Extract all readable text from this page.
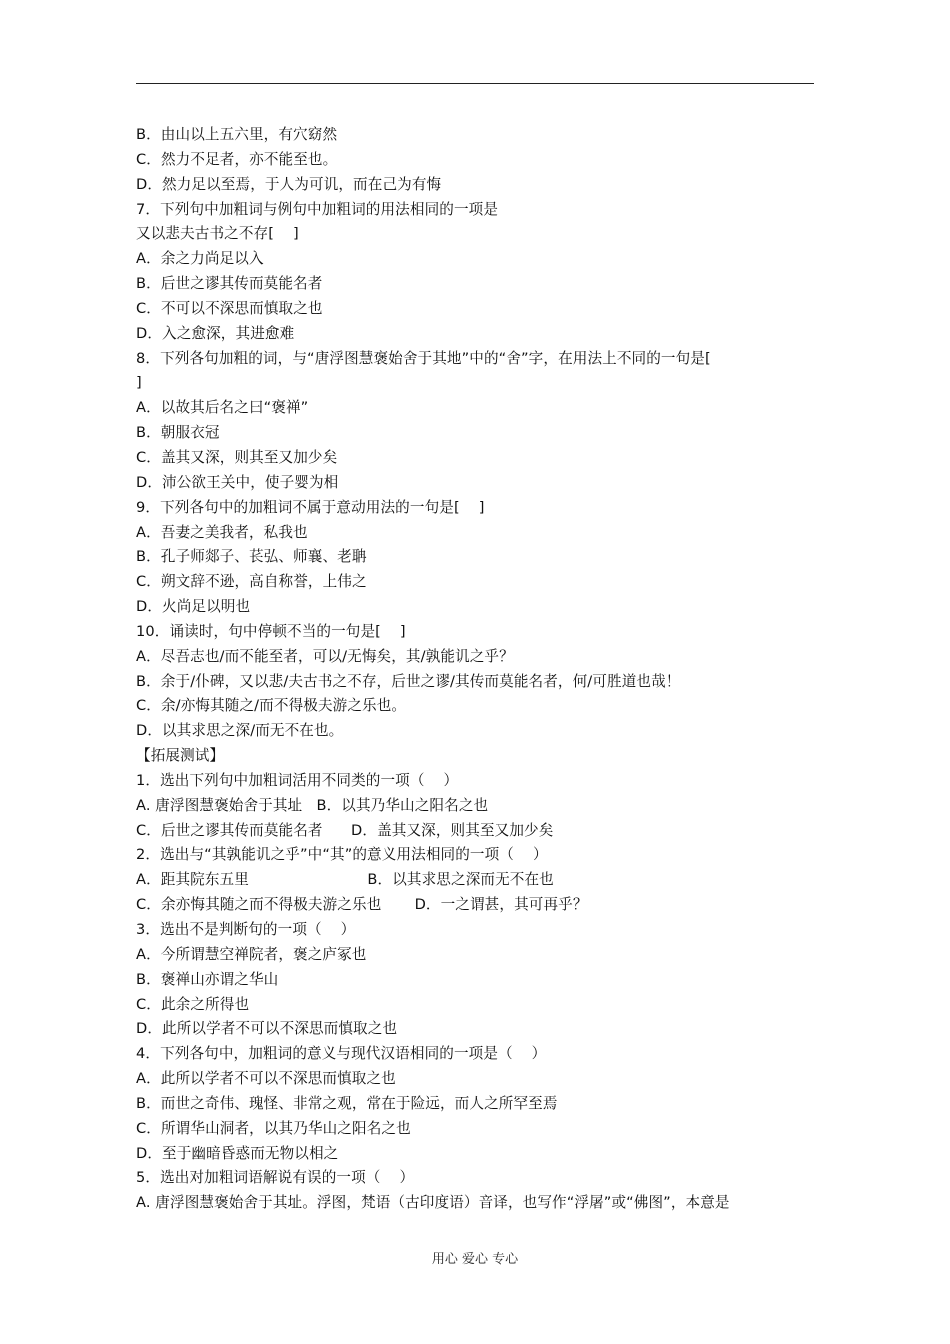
B．由山以上五六里，有穴窈然
C．然力不足者，亦不能至也。
D．然力足以至焉，于人为可讥，而在己为有悔
7．下列句中加粗词与例句中加粗词的用法相同的一项是
又以悲夫古书之不存[    ]
A．余之力尚足以入
B．后世之谬其传而莫能名者
C．不可以不深思而慎取之也
D．入之愈深，其进愈难
8．下列各句加粗的词，与“唐浮图慧褒始舍于其地”中的“舍”字，在用法上不同的一句是[
]
A．以故其后名之曰“褒禅”
B．朝服衣冠
C．盖其又深，则其至又加少矣
D．沛公欲王关中，使子婴为相
9．下列各句中的加粗词不属于意动用法的一句是[    ]
A．吾妻之美我者，私我也
B．孔子师郯子、苌弘、师襄、老聃
C．朔文辞不逊，高自称誉，上伟之
D．火尚足以明也
10．诵读时，句中停顿不当的一句是[    ]
A．尽吾志也/而不能至者，可以/无悔矣，其/孰能讥之乎？
B．余于/仆碑，又以悲/夫古书之不存，后世之谬/其传而莫能名者，何/可胜道也哉！
C．余/亦悔其随之/而不得极夫游之乐也。
D．以其求思之深/而无不在也。
【拓展测试】
1．选出下列句中加粗词活用不同类的一项（    ）
A. 唐浮图慧褒始舍于其址   B．以其乃华山之阳名之也
C．后世之谬其传而莫能名者      D．盖其又深，则其至又加少矣
2．选出与“其孰能讥之乎”中“其”的意义用法相同的一项（    ）
A．距其院东五里                         B．以其求思之深而无不在也
C．余亦悔其随之而不得极夫游之乐也       D．一之谓甚，其可再乎？
3．选出不是判断句的一项（    ）
A．今所谓慧空禅院者，褒之庐冢也
B．褒禅山亦谓之华山
C．此余之所得也
D．此所以学者不可以不深思而慎取之也
4．下列各句中，加粗词的意义与现代汉语相同的一项是（    ）
A．此所以学者不可以不深思而慎取之也
B．而世之奇伟、瑰怪、非常之观，常在于险远，而人之所罕至焉
C．所谓华山洞者，以其乃华山之阳名之也
D．至于幽暗昏惑而无物以相之
5．选出对加粗词语解说有误的一项（    ）
A. 唐浮图慧褒始舍于其址。浮图，梵语（古印度语）音译，也写作“浮屠”或“佛图”，本意是
用心 爱心 专心
